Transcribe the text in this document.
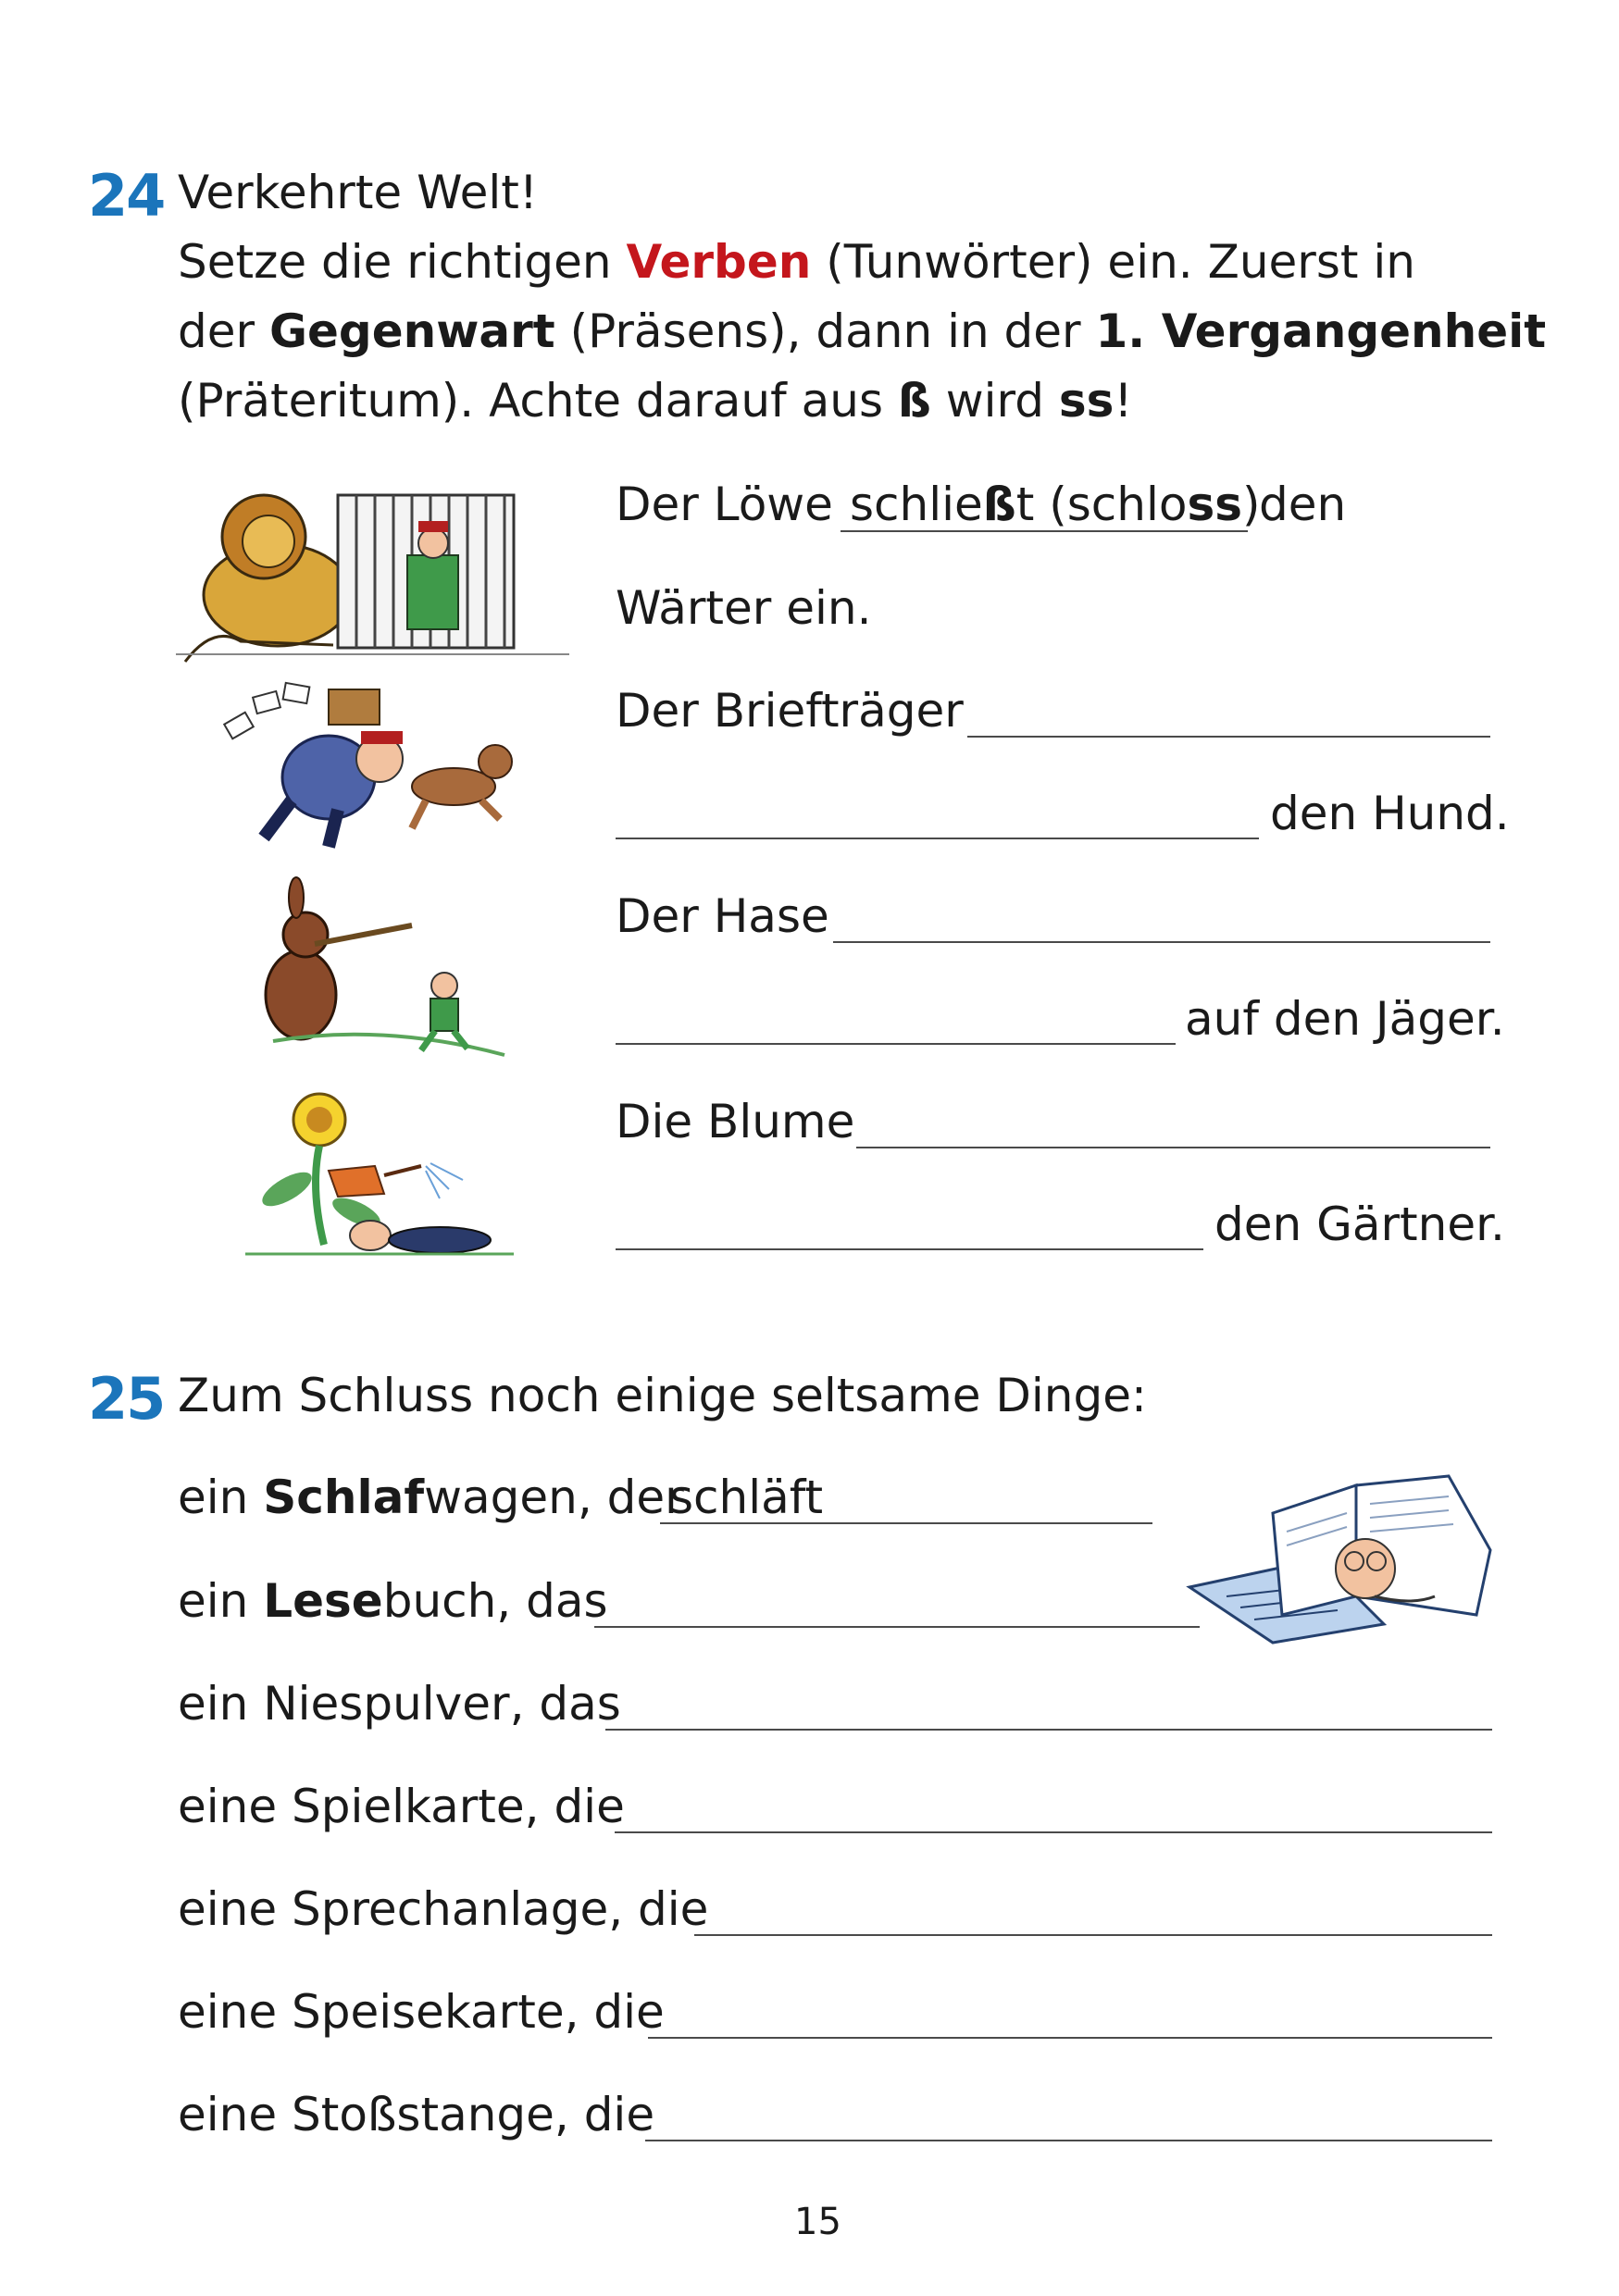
24 Verkehrte Welt!
Setze die richtigen Verben (Tunwörter) ein. Zuerst in
der Gegenwart (Präsens), dann in der 1. Vergangenheit
(Präteritum). Achte darauf aus ß wird ss!
Der Löwe schließt (schloss)
den
Wärter ein.
Der Briefträger
den Hund.
Der Hase
auf den Jäger.
Die Blume
den Gärtner.
25 Zum Schluss noch einige seltsame Dinge:
ein Schlafwagen, der
schläft
ein Lesebuch, das
ein Niespulver, das
eine Spielkarte, die
eine Sprechanlage, die
eine Speisekarte, die
eine Stoßstange, die
15
